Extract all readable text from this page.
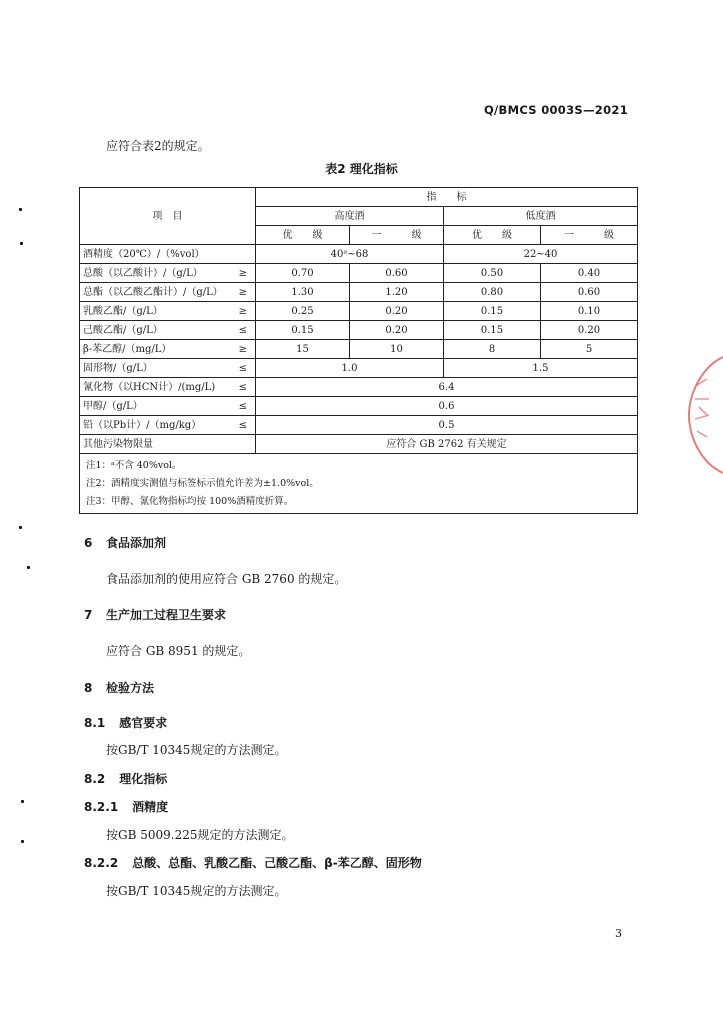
Q/BMCS 0003S—2021
应符合表2的规定。
表2 理化指标
项　目		指　　标			
		高度酒		低度酒	
		优　　级	一　　　级	优　　级	一　　　级
酒精度（20℃）/（%vol）		40ᵃ~68		22~40	
总酸（以乙酸计）/（g/L）	≥	0.70	0.60	0.50	0.40
总酯（以乙酸乙酯计）/（g/L）	≥	1.30	1.20	0.80	0.60
乳酸乙酯/（g/L）	≥	0.25	0.20	0.15	0.10
己酸乙酯/（g/L）	≤	0.15	0.20	0.15	0.20
β-苯乙醇/（mg/L）	≥	15	10	8	5
固形物/（g/L）	≤	1.0		1.5	
氰化物（以HCN计）/(mg/L)	≤	6.4			
甲醇/（g/L）	≤	0.6			
铅（以Pb计）/（mg/kg）	≤	0.5			
其他污染物限量		应符合 GB 2762 有关规定			

注1：ᵃ不含 40%vol。
注2：酒精度实测值与标签标示值允许差为±1.0%vol。
注3：甲醇、氰化物指标均按 100%酒精度折算。					
6 食品添加剂
食品添加剂的使用应符合 GB 2760 的规定。
7 生产加工过程卫生要求
应符合 GB 8951 的规定。
8 检验方法
8.1 感官要求
按GB/T 10345规定的方法测定。
8.2 理化指标
8.2.1 酒精度
按GB 5009.225规定的方法测定。
8.2.2 总酸、总酯、乳酸乙酯、己酸乙酯、β-苯乙醇、固形物
按GB/T 10345规定的方法测定。
3
